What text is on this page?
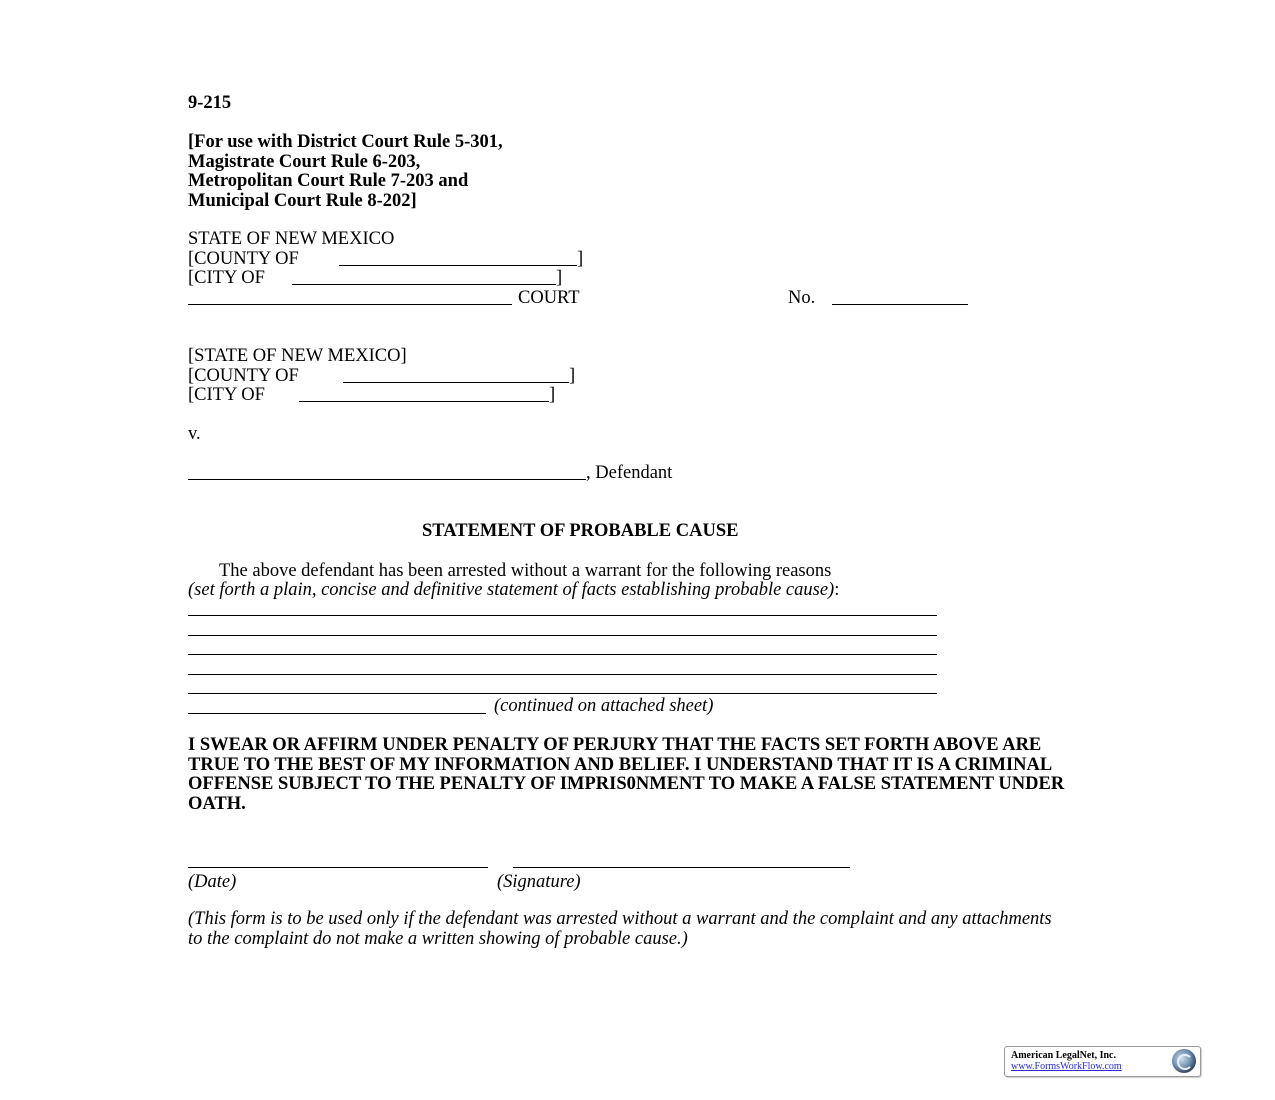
9-215
[For use with District Court Rule 5-301,
Magistrate Court Rule 6-203,
Metropolitan Court Rule 7-203 and
Municipal Court Rule 8-202]
STATE OF NEW MEXICO
[COUNTY OF	]
[CITY OF	]
COURT	No.
[STATE OF NEW MEXICO]
[COUNTY OF	]
[CITY OF	]
v.
, Defendant
STATEMENT OF PROBABLE CAUSE
The above defendant has been arrested without a warrant for the following reasons
(set forth a plain, concise and definitive statement of facts establishing probable cause):
(continued on attached sheet)
I SWEAR OR AFFIRM UNDER PENALTY OF PERJURY THAT THE FACTS SET FORTH ABOVE ARE TRUE TO THE BEST OF MY INFORMATION AND BELIEF. I UNDERSTAND THAT IT IS A CRIMINAL OFFENSE SUBJECT TO THE PENALTY OF IMPRIS0NMENT TO MAKE A FALSE STATEMENT UNDER OATH.
(Date)	(Signature)
(This form is to be used only if the defendant was arrested without a warrant and the complaint and any attachments to the complaint do not make a written showing of probable cause.)
American LegalNet, Inc.
www.FormsWorkFlow.com
